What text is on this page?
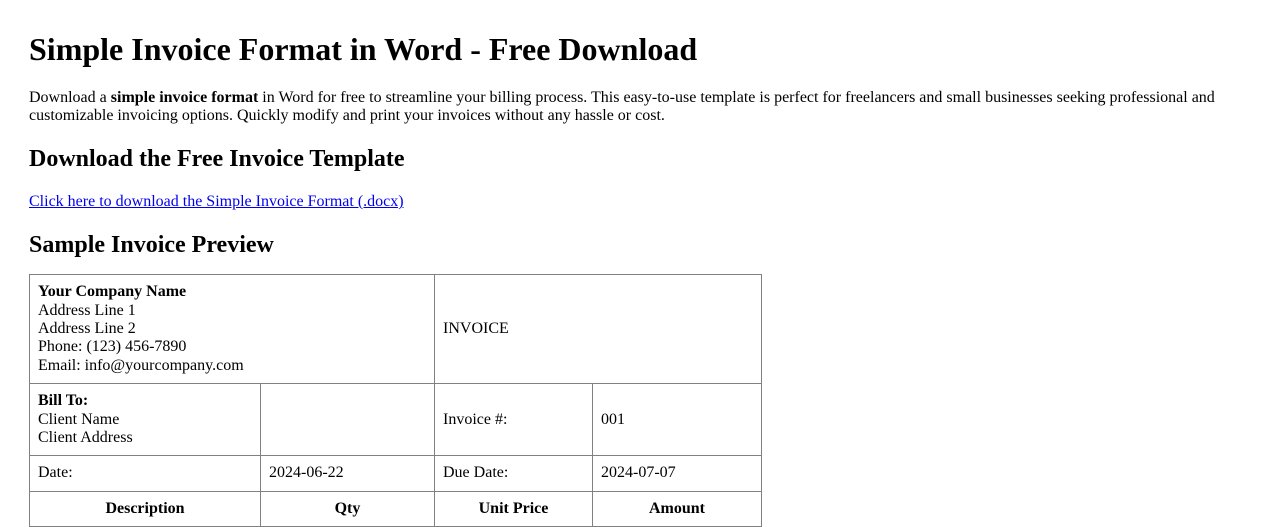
Simple Invoice Format in Word - Free Download

Download a simple invoice format in Word for free to streamline your billing process. This easy-to-use template is perfect for freelancers and small businesses seeking professional and customizable invoicing options. Quickly modify and print your invoices without any hassle or cost.

Download the Free Invoice Template

Click here to download the Simple Invoice Format (.docx)

Sample Invoice Preview
Your Company Name
Address Line 1
Address Line 2
Phone: (123) 456-7890
Email: info@yourcompany.com		INVOICE	

Bill To:
Client Name
Client Address		Invoice #:	001
Date:	2024-06-22	Due Date:	2024-07-07
Description	Qty	Unit Price	Amount
